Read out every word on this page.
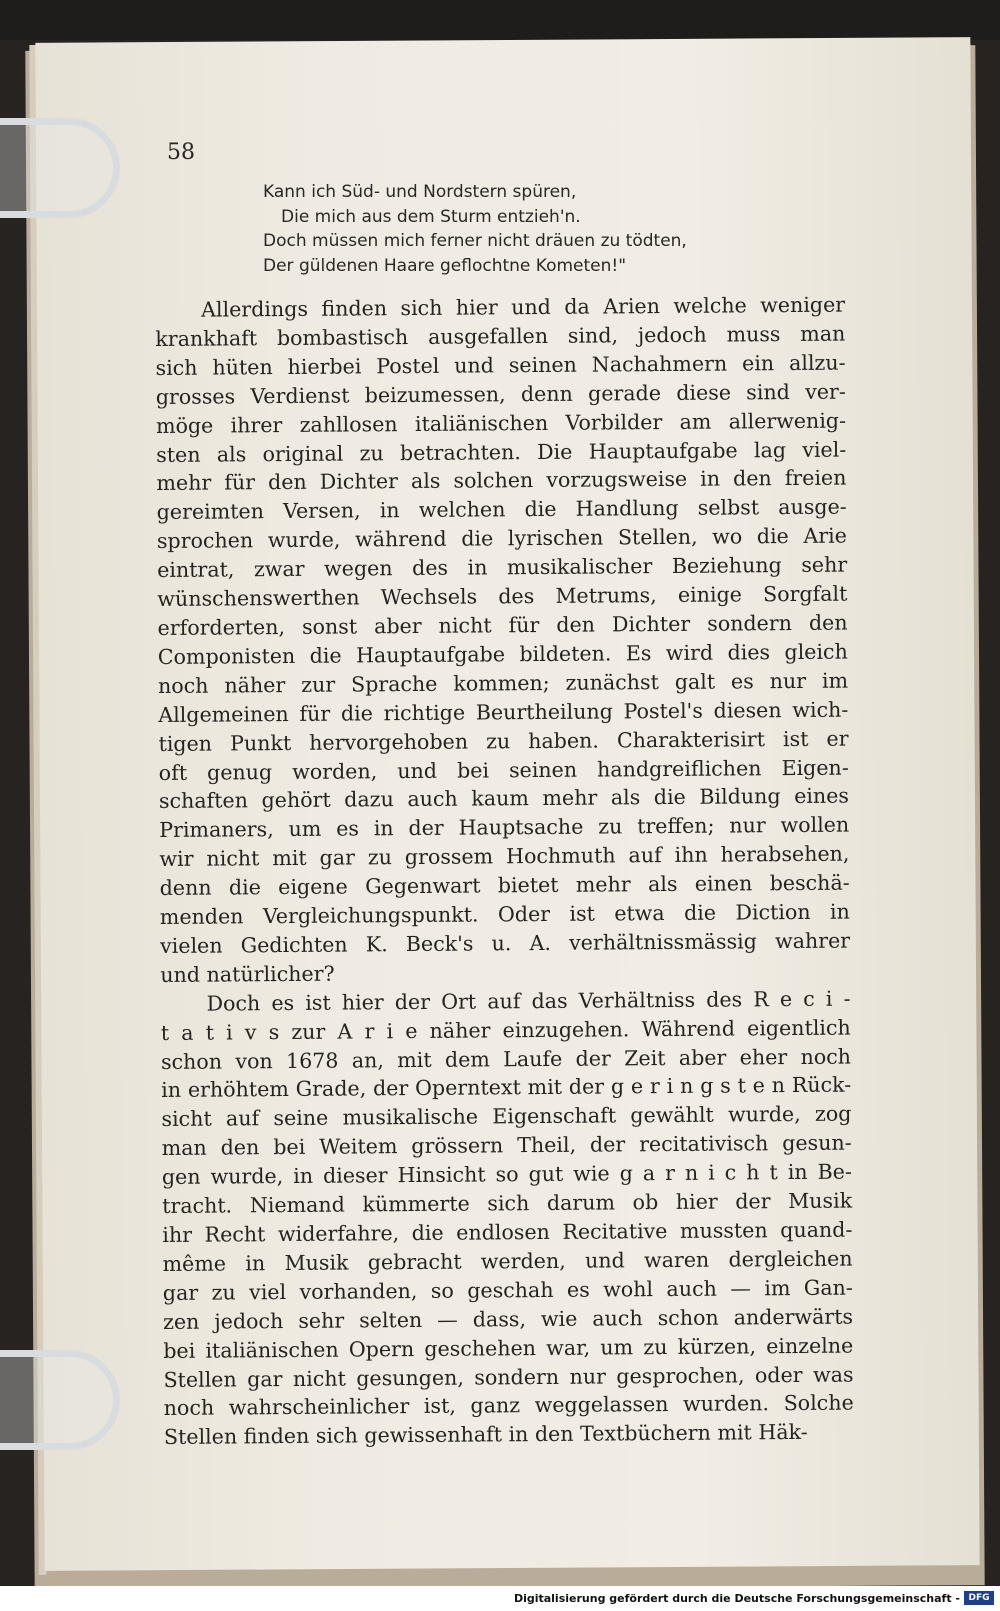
58
Kann ich Süd- und Nordstern spüren,
Die mich aus dem Sturm entzieh'n.
Doch müssen mich ferner nicht dräuen zu tödten,
Der güldenen Haare geflochtne Kometen!"
Allerdings finden sich hier und da Arien welche weniger
krankhaft bombastisch ausgefallen sind, jedoch muss man
sich hüten hierbei Postel und seinen Nachahmern ein allzu-
grosses Verdienst beizumessen, denn gerade diese sind ver-
möge ihrer zahllosen italiänischen Vorbilder am allerwenig-
sten als original zu betrachten. Die Hauptaufgabe lag viel-
mehr für den Dichter als solchen vorzugsweise in den freien
gereimten Versen, in welchen die Handlung selbst ausge-
sprochen wurde, während die lyrischen Stellen, wo die Arie
eintrat, zwar wegen des in musikalischer Beziehung sehr
wünschenswerthen Wechsels des Metrums, einige Sorgfalt
erforderten, sonst aber nicht für den Dichter sondern den
Componisten die Hauptaufgabe bildeten. Es wird dies gleich
noch näher zur Sprache kommen; zunächst galt es nur im
Allgemeinen für die richtige Beurtheilung Postel's diesen wich-
tigen Punkt hervorgehoben zu haben. Charakterisirt ist er
oft genug worden, und bei seinen handgreiflichen Eigen-
schaften gehört dazu auch kaum mehr als die Bildung eines
Primaners, um es in der Hauptsache zu treffen; nur wollen
wir nicht mit gar zu grossem Hochmuth auf ihn herabsehen,
denn die eigene Gegenwart bietet mehr als einen beschä-
menden Vergleichungspunkt. Oder ist etwa die Diction in
vielen Gedichten K. Beck's u. A. verhältnissmässig wahrer
und natürlicher?
Doch es ist hier der Ort auf das Verhältniss des R e c i -
t a t i v s zur A r i e näher einzugehen. Während eigentlich
schon von 1678 an, mit dem Laufe der Zeit aber eher noch
in erhöhtem Grade, der Operntext mit der g e r i n g s t e n Rück-
sicht auf seine musikalische Eigenschaft gewählt wurde, zog
man den bei Weitem grössern Theil, der recitativisch gesun-
gen wurde, in dieser Hinsicht so gut wie g a r n i c h t in Be-
tracht. Niemand kümmerte sich darum ob hier der Musik
ihr Recht widerfahre, die endlosen Recitative mussten quand-
même in Musik gebracht werden, und waren dergleichen
gar zu viel vorhanden, so geschah es wohl auch — im Gan-
zen jedoch sehr selten — dass, wie auch schon anderwärts
bei italiänischen Opern geschehen war, um zu kürzen, einzelne
Stellen gar nicht gesungen, sondern nur gesprochen, oder was
noch wahrscheinlicher ist, ganz weggelassen wurden. Solche
Stellen finden sich gewissenhaft in den Textbüchern mit Häk-
Digitalisierung gefördert durch die Deutsche Forschungsgemeinschaft - DFG
